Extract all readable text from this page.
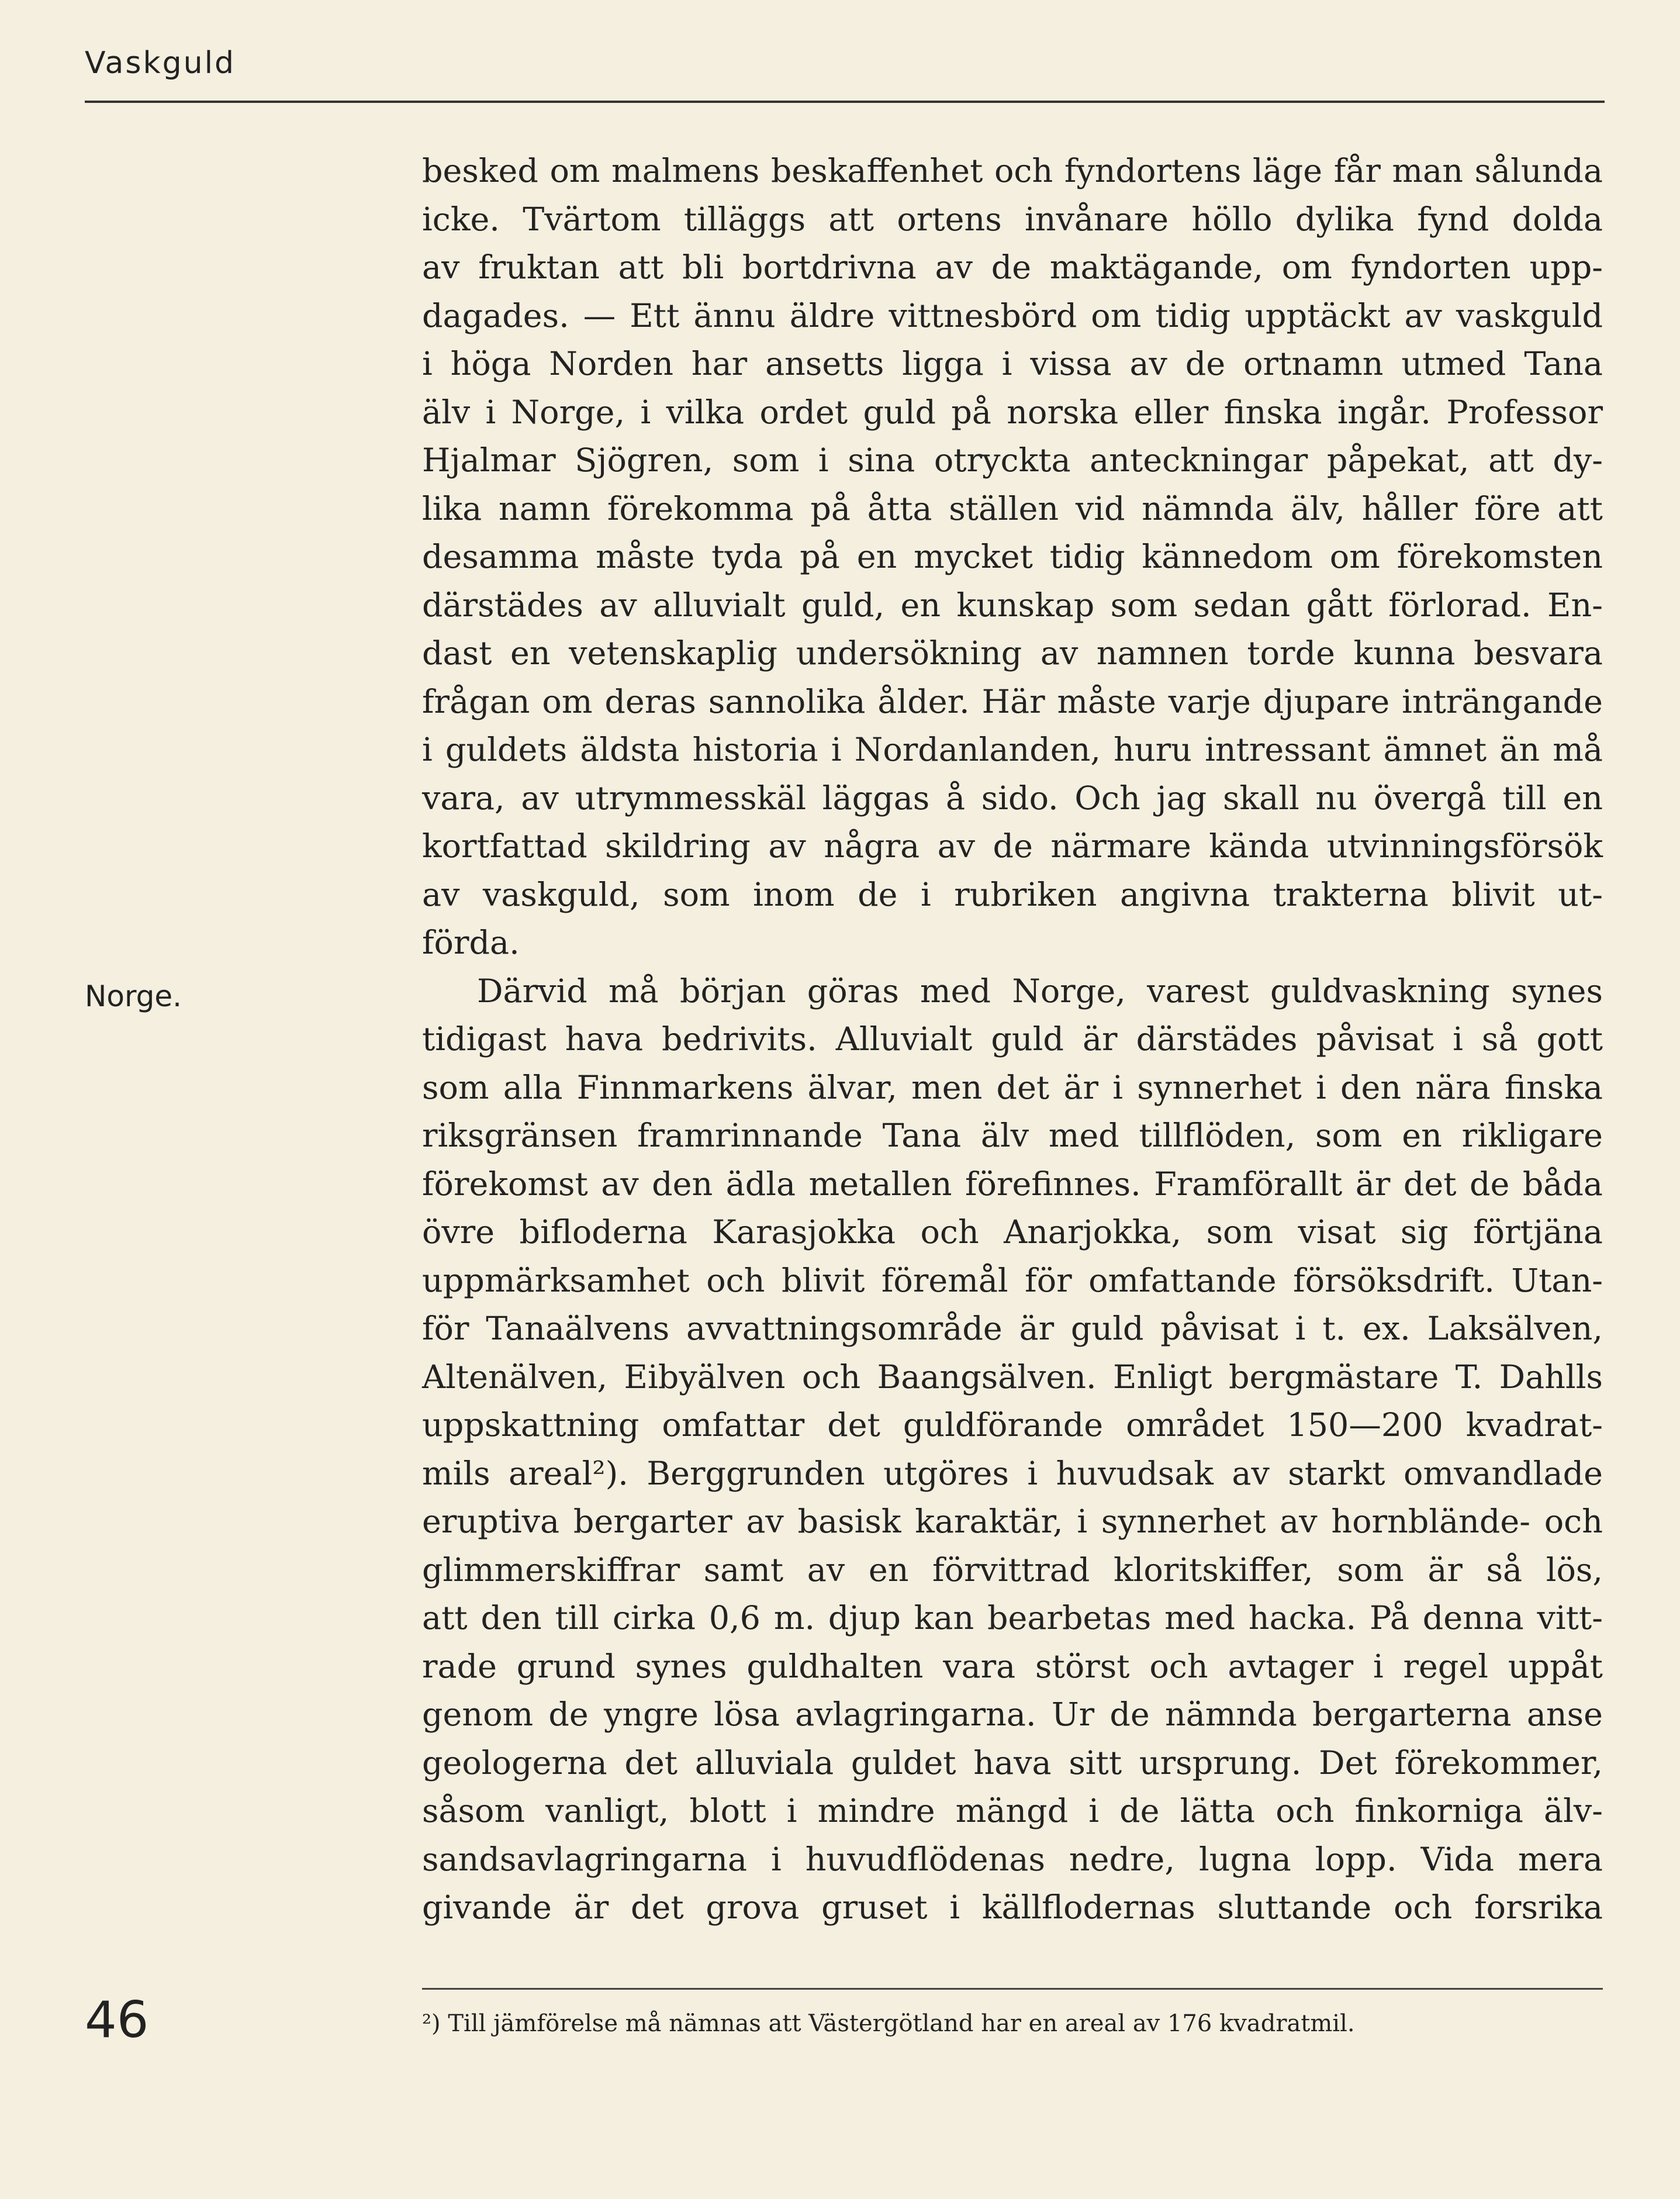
Vaskguld
Norge.
besked om malmens beskaffenhet och fyndortens läge får man sålunda
icke. Tvärtom tilläggs att ortens invånare höllo dylika fynd dolda
av fruktan att bli bortdrivna av de maktägande, om fyndorten upp-
dagades. — Ett ännu äldre vittnesbörd om tidig upptäckt av vaskguld
i höga Norden har ansetts ligga i vissa av de ortnamn utmed Tana
älv i Norge, i vilka ordet guld på norska eller finska ingår. Professor
Hjalmar Sjögren, som i sina otryckta anteckningar påpekat, att dy-
lika namn förekomma på åtta ställen vid nämnda älv, håller före att
desamma måste tyda på en mycket tidig kännedom om förekomsten
därstädes av alluvialt guld, en kunskap som sedan gått förlorad. En-
dast en vetenskaplig undersökning av namnen torde kunna besvara
frågan om deras sannolika ålder. Här måste varje djupare inträngande
i guldets äldsta historia i Nordanlanden, huru intressant ämnet än må
vara, av utrymmesskäl läggas å sido. Och jag skall nu övergå till en
kortfattad skildring av några av de närmare kända utvinningsförsök
av vaskguld, som inom de i rubriken angivna trakterna blivit ut-
förda.
Därvid må början göras med Norge, varest guldvaskning synes
tidigast hava bedrivits. Alluvialt guld är därstädes påvisat i så gott
som alla Finnmarkens älvar, men det är i synnerhet i den nära finska
riksgränsen framrinnande Tana älv med tillflöden, som en rikligare
förekomst av den ädla metallen förefinnes. Framförallt är det de båda
övre bifloderna Karasjokka och Anarjokka, som visat sig förtjäna
uppmärksamhet och blivit föremål för omfattande försöksdrift. Utan-
för Tanaälvens avvattningsområde är guld påvisat i t. ex. Laksälven,
Altenälven, Eibyälven och Baangsälven. Enligt bergmästare T. Dahlls
uppskattning omfattar det guldförande området 150—200 kvadrat-
mils areal²). Berggrunden utgöres i huvudsak av starkt omvandlade
eruptiva bergarter av basisk karaktär, i synnerhet av hornblände- och
glimmerskiffrar samt av en förvittrad kloritskiffer, som är så lös,
att den till cirka 0,6 m. djup kan bearbetas med hacka. På denna vitt-
rade grund synes guldhalten vara störst och avtager i regel uppåt
genom de yngre lösa avlagringarna. Ur de nämnda bergarterna anse
geologerna det alluviala guldet hava sitt ursprung. Det förekommer,
såsom vanligt, blott i mindre mängd i de lätta och finkorniga älv-
sandsavlagringarna i huvudflödenas nedre, lugna lopp. Vida mera
givande är det grova gruset i källflodernas sluttande och forsrika
²) Till jämförelse må nämnas att Västergötland har en areal av 176 kvadratmil.
46
